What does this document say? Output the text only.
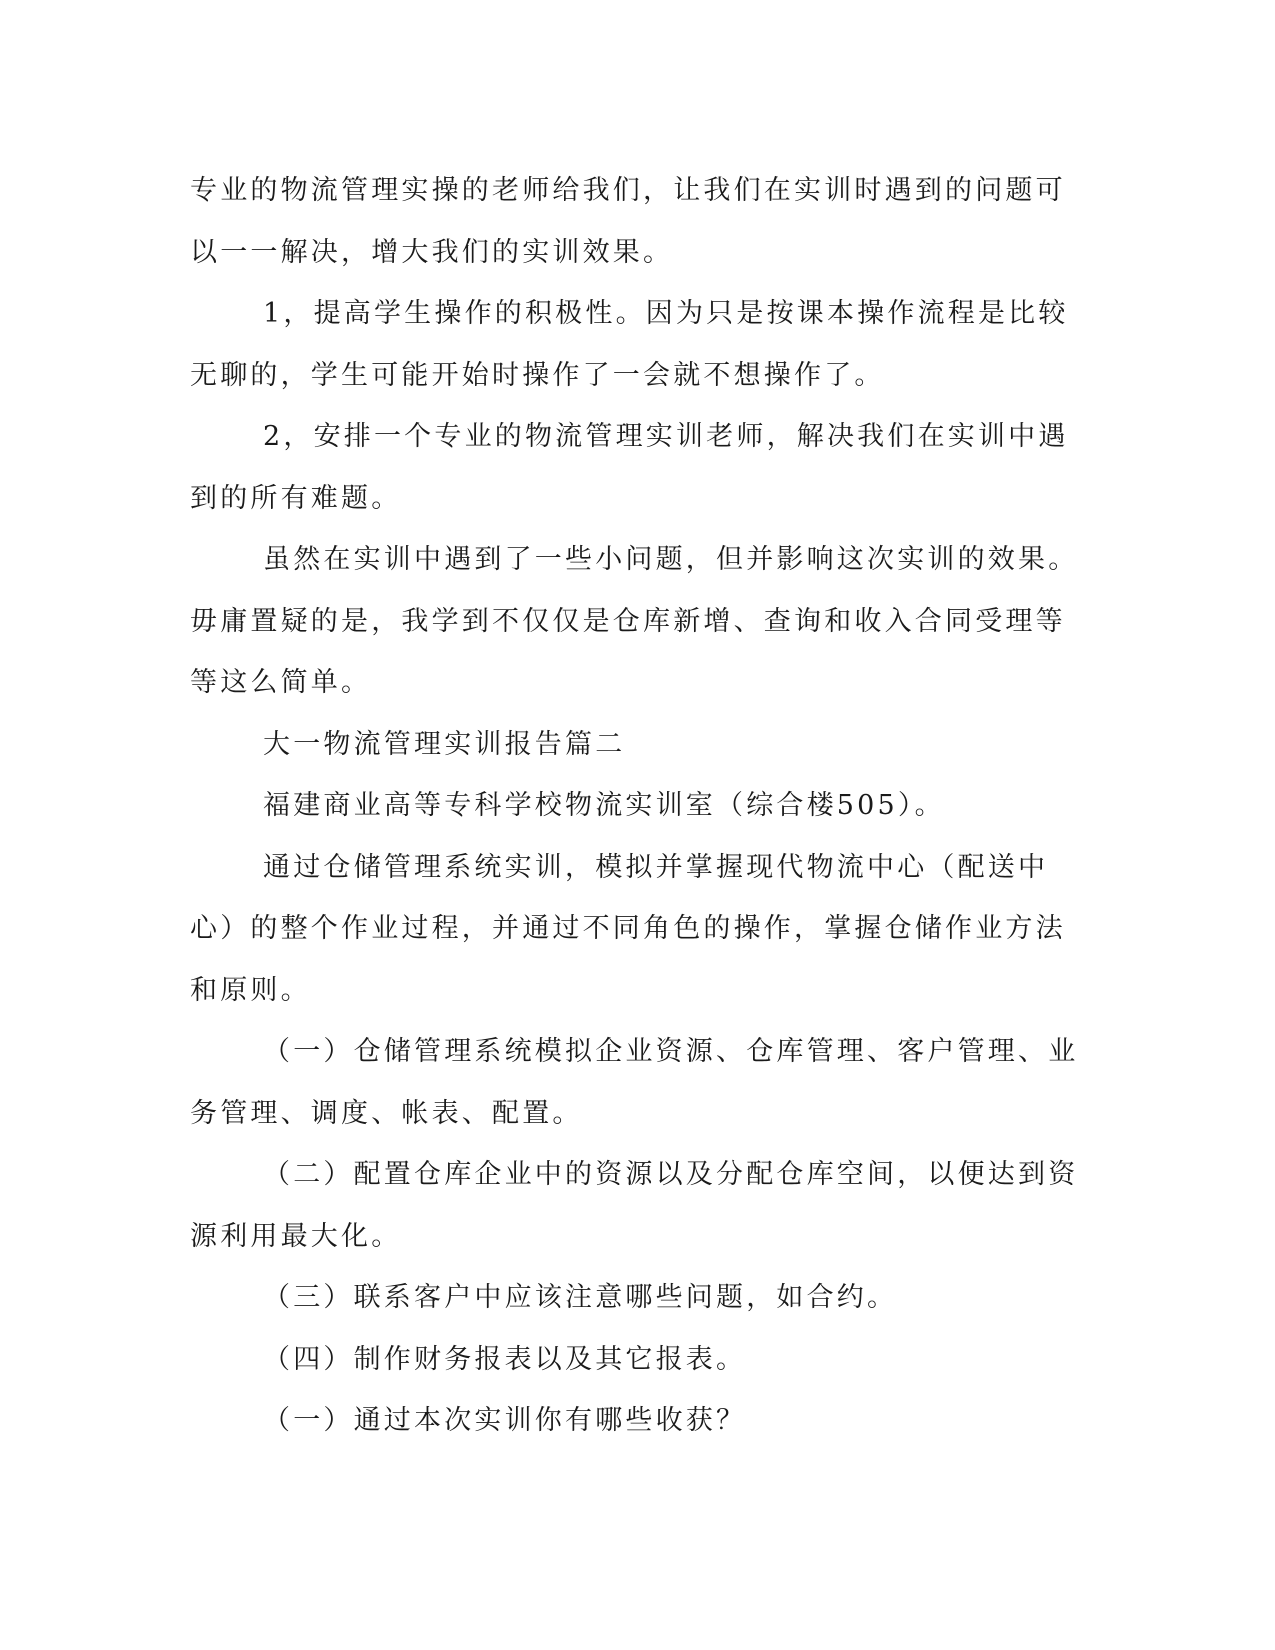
专业的物流管理实操的老师给我们，让我们在实训时遇到的问题可以一一解决，增大我们的实训效果。

1，提高学生操作的积极性。因为只是按课本操作流程是比较无聊的，学生可能开始时操作了一会就不想操作了。

2，安排一个专业的物流管理实训老师，解决我们在实训中遇到的所有难题。

虽然在实训中遇到了一些小问题，但并影响这次实训的效果。毋庸置疑的是，我学到不仅仅是仓库新增、查询和收入合同受理等等这么简单。

大一物流管理实训报告篇二

福建商业高等专科学校物流实训室（综合楼505）。

通过仓储管理系统实训，模拟并掌握现代物流中心（配送中心）的整个作业过程，并通过不同角色的操作，掌握仓储作业方法和原则。

（一）仓储管理系统模拟企业资源、仓库管理、客户管理、业务管理、调度、帐表、配置。

（二）配置仓库企业中的资源以及分配仓库空间，以便达到资源利用最大化。

（三）联系客户中应该注意哪些问题，如合约。

（四）制作财务报表以及其它报表。

（一）通过本次实训你有哪些收获？
